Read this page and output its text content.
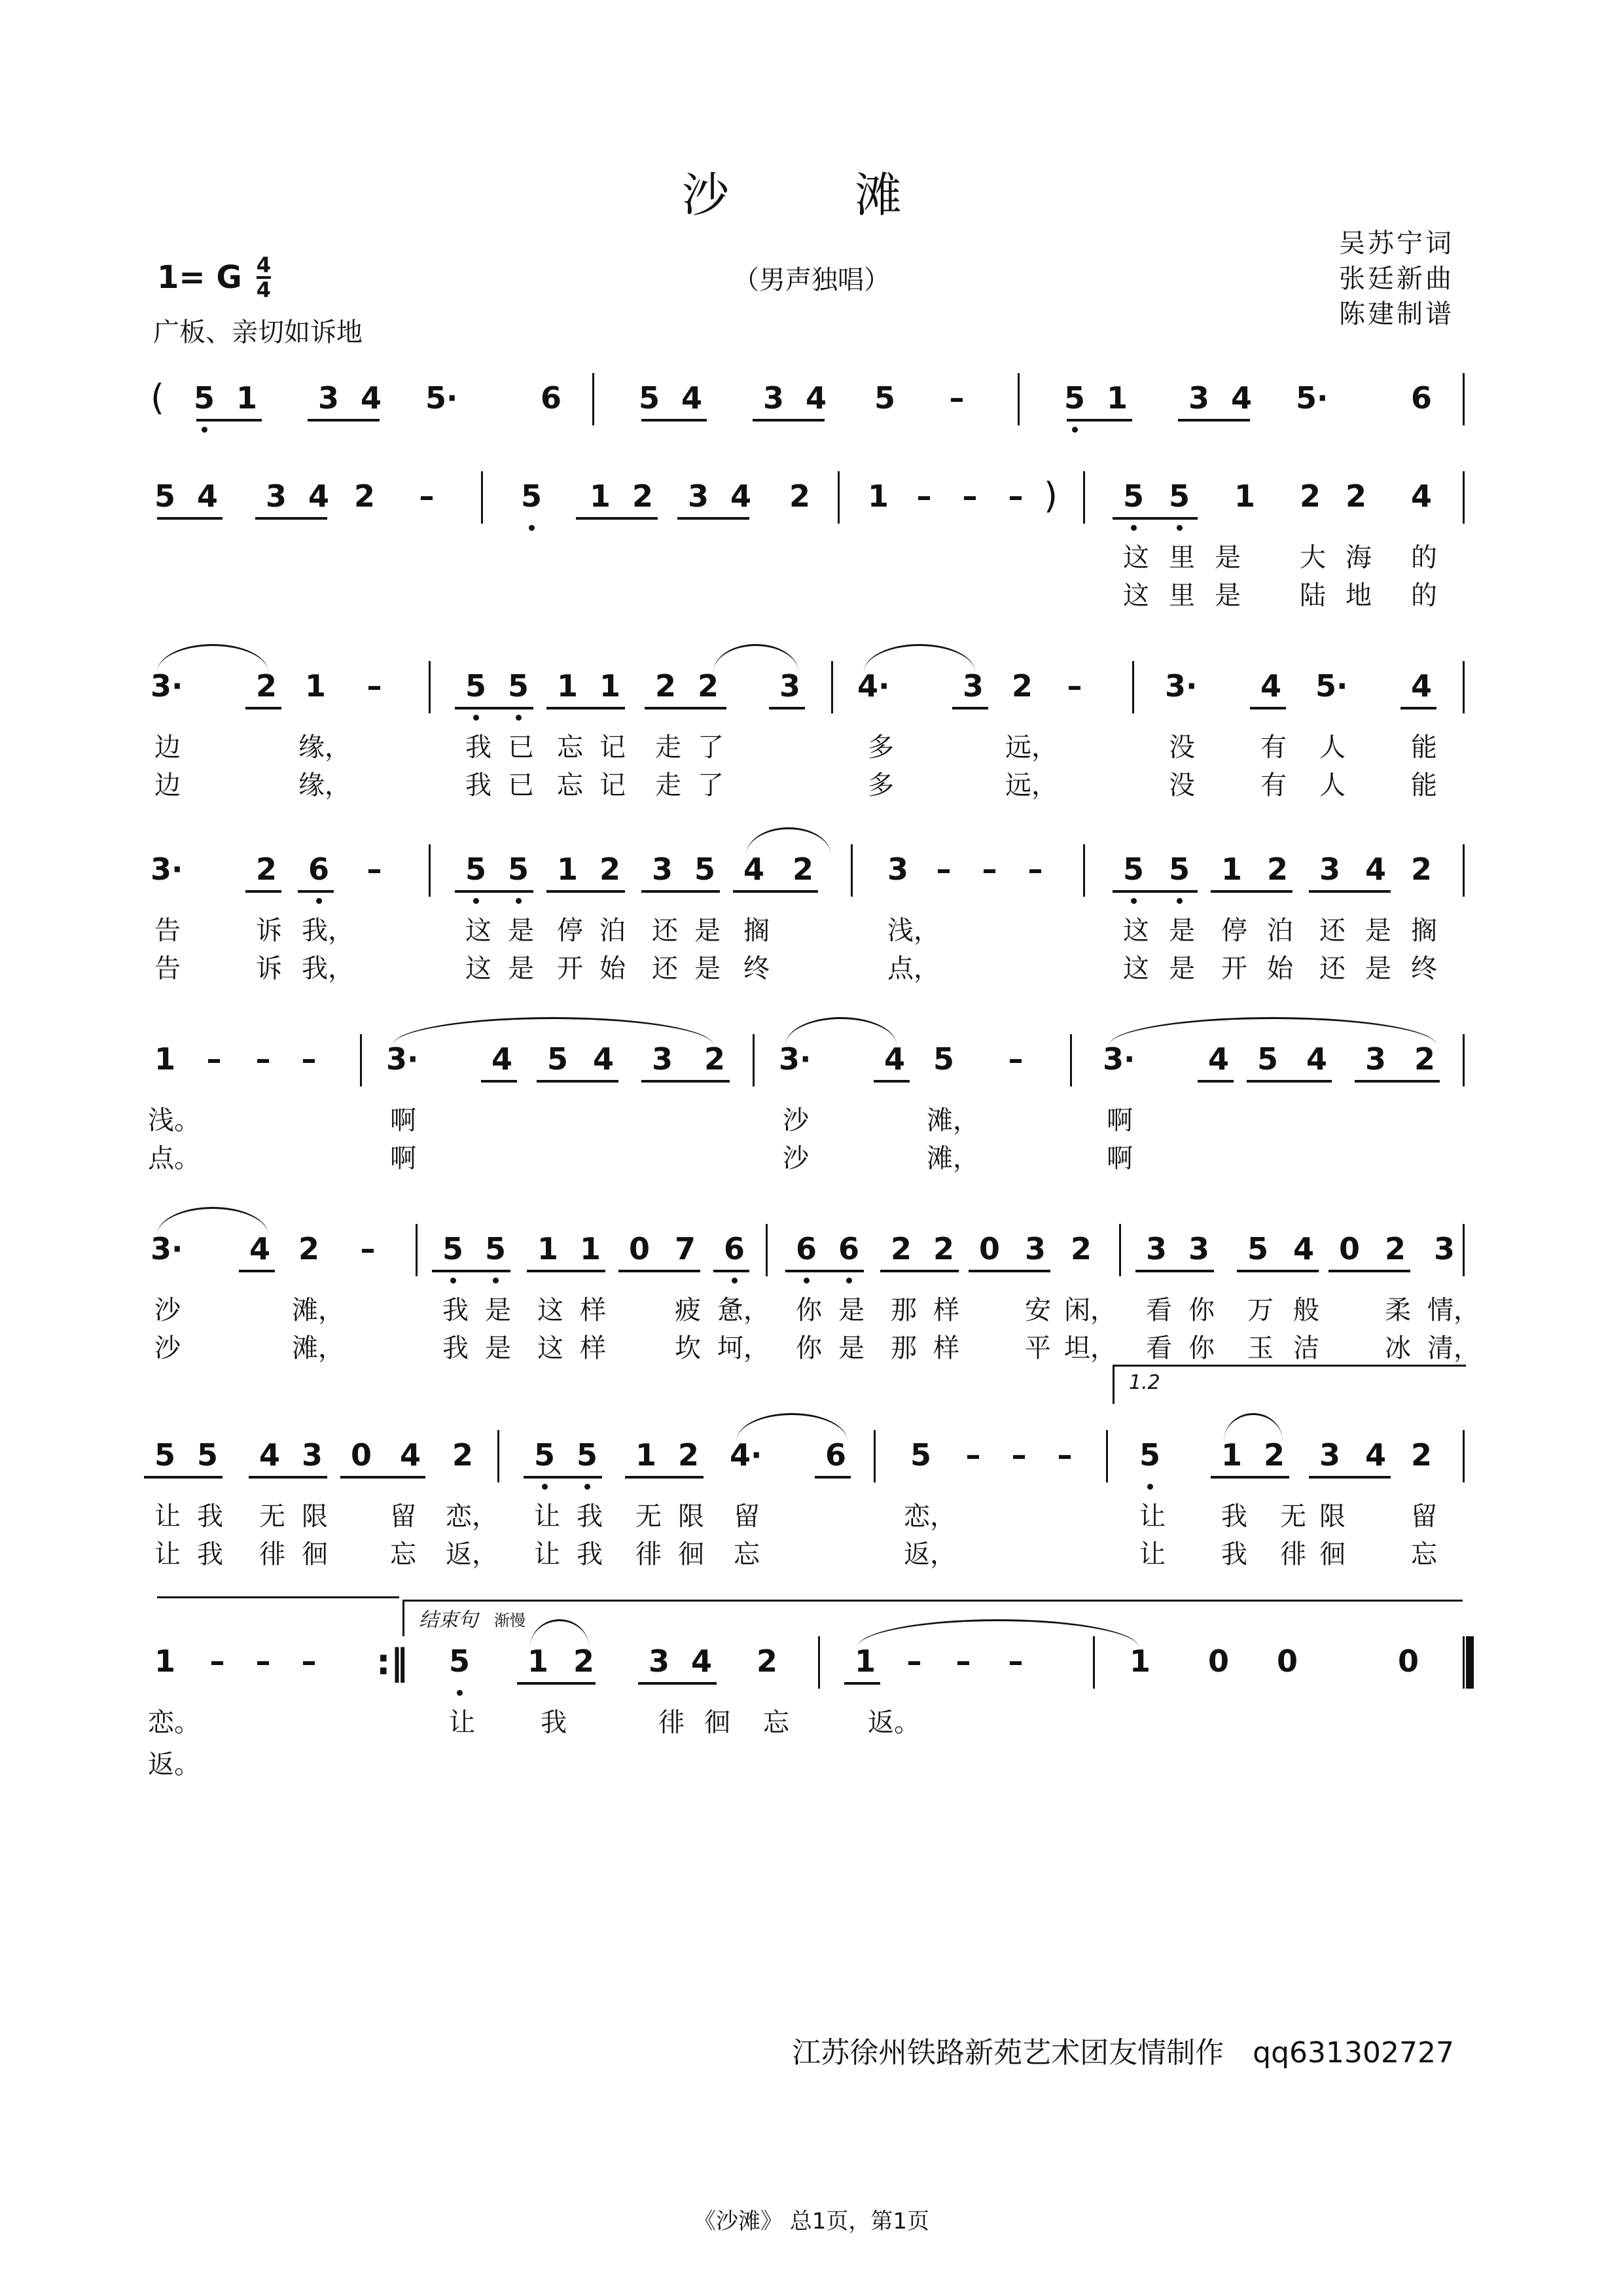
沙　滩
（男声独唱）
吴苏宁词
张廷新曲
陈建制谱
1= G $\frac{4}{4}$
广板、亲切如诉地
5 1 3 4 5·	6	5 4 3 4 5 –	5 1 3 4 5·	6
(
5 4 3 4 2 –	5 1 2 3 4 2 1 – – –	5 5 1 2 2 4
)
这 里 是 大 海 的
这 里 是 陆 地 的
3· 2 1 –	5 5 1 1 2 2 3 4· 3 2 –	3· 4 5· 4
边	缘，	我 已 忘 记 走 了	多	远，	没	有 人	能
边	缘，	我 已 忘 记 走 了	多	远，	没	有 人	能
3· 2 6 –	5 5 1 2 3 5 4 2 3 – – –	5 5 1 2 3 4 2
告	诉 我，	这 是 停 泊 还 是 搁	浅，	这 是 停 泊 还 是 搁
告	诉 我，	这 是 开 始 还 是 终	点，	这 是 开 始 还 是 终
1 – – – 3· 4 5 4 3 2 3· 4 5 –	3· 4 5 4 3 2
浅。	啊	沙	滩，	啊
点。	啊	沙	滩，	啊
3· 4 2 – 5 5 1 1 0 7 6 6 6 2 2 0 3 2 3 3 5 4 0 2 3
沙	滩，	我 是 这 样	疲 惫， 你 是 那 样	安 闲， 看 你 万 般	柔 情，
沙	滩，	我 是 这 样	坎 坷， 你 是 那 样	平 坦， 看 你 玉 洁	冰 清，
5 5 4 3 0 4 2 5 5 1 2 4· 6 5 – – – 5 1 2 3 4 2
让 我 无 限 留 恋， 让 我 无 限 留	恋，	让 我 无 限	留
让 我 徘 徊 忘 返， 让 我 徘 徊 忘	返，	让 我 徘 徊	忘
1.2
1 – – –	5 1 2 3 4 2	1 – – –	1 0 0	0
恋。	让	我	徘 徊 忘	返。
返。
结束句 渐慢
:‖
江苏徐州铁路新苑艺术团友情制作　qq631302727
《沙滩》 总1页，第1页
